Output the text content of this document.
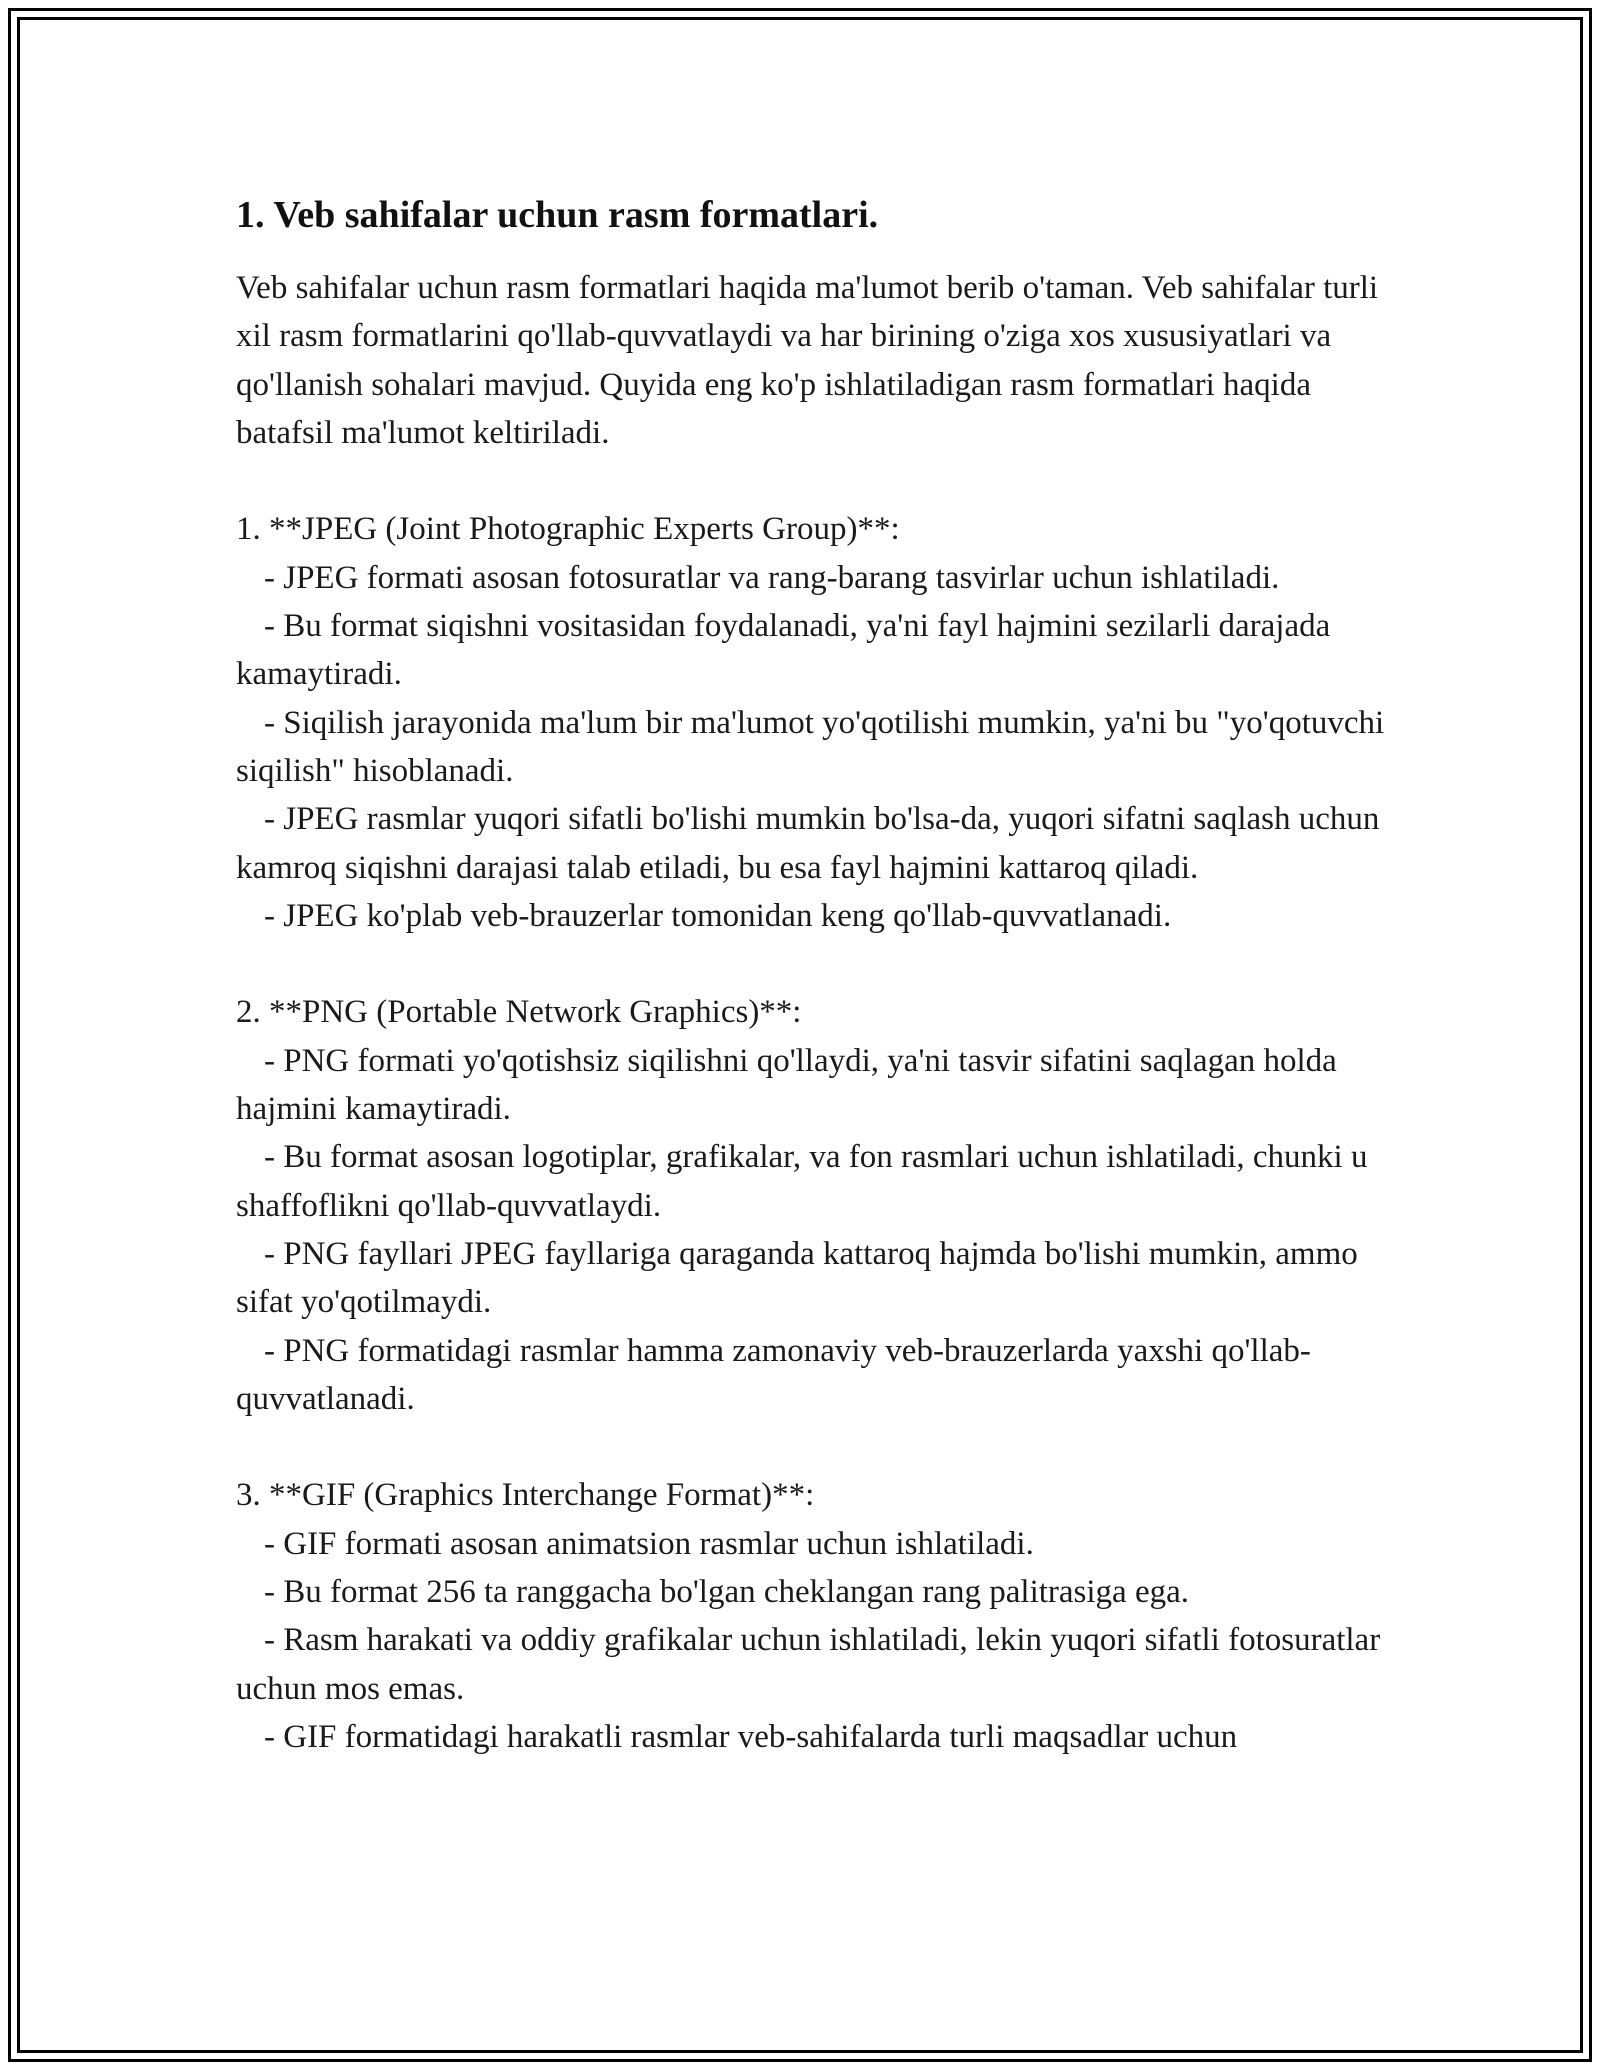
1. Veb sahifalar uchun rasm formatlari.

Veb sahifalar uchun rasm formatlari haqida ma'lumot berib o'taman. Veb sahifalar turli xil rasm formatlarini qo'llab-quvvatlaydi va har birining o'ziga xos xususiyatlari va qo'llanish sohalari mavjud. Quyida eng ko'p ishlatiladigan rasm formatlari haqida batafsil ma'lumot keltiriladi.

1. **JPEG (Joint Photographic Experts Group)**:

- JPEG formati asosan fotosuratlar va rang-barang tasvirlar uchun ishlatiladi.

- Bu format siqishni vositasidan foydalanadi, ya'ni fayl hajmini sezilarli darajada kamaytiradi.

- Siqilish jarayonida ma'lum bir ma'lumot yo'qotilishi mumkin, ya'ni bu "yo'qotuvchi siqilish" hisoblanadi.

- JPEG rasmlar yuqori sifatli bo'lishi mumkin bo'lsa-da, yuqori sifatni saqlash uchun kamroq siqishni darajasi talab etiladi, bu esa fayl hajmini kattaroq qiladi.

- JPEG ko'plab veb-brauzerlar tomonidan keng qo'llab-quvvatlanadi.

2. **PNG (Portable Network Graphics)**:

- PNG formati yo'qotishsiz siqilishni qo'llaydi, ya'ni tasvir sifatini saqlagan holda hajmini kamaytiradi.

- Bu format asosan logotiplar, grafikalar, va fon rasmlari uchun ishlatiladi, chunki u shaffoflikni qo'llab-quvvatlaydi.

- PNG fayllari JPEG fayllariga qaraganda kattaroq hajmda bo'lishi mumkin, ammo sifat yo'qotilmaydi.

- PNG formatidagi rasmlar hamma zamonaviy veb-brauzerlarda yaxshi qo'llab-quvvatlanadi.

3. **GIF (Graphics Interchange Format)**:

- GIF formati asosan animatsion rasmlar uchun ishlatiladi.

- Bu format 256 ta ranggacha bo'lgan cheklangan rang palitrasiga ega.

- Rasm harakati va oddiy grafikalar uchun ishlatiladi, lekin yuqori sifatli fotosuratlar uchun mos emas.

- GIF formatidagi harakatli rasmlar veb-sahifalarda turli maqsadlar uchun
